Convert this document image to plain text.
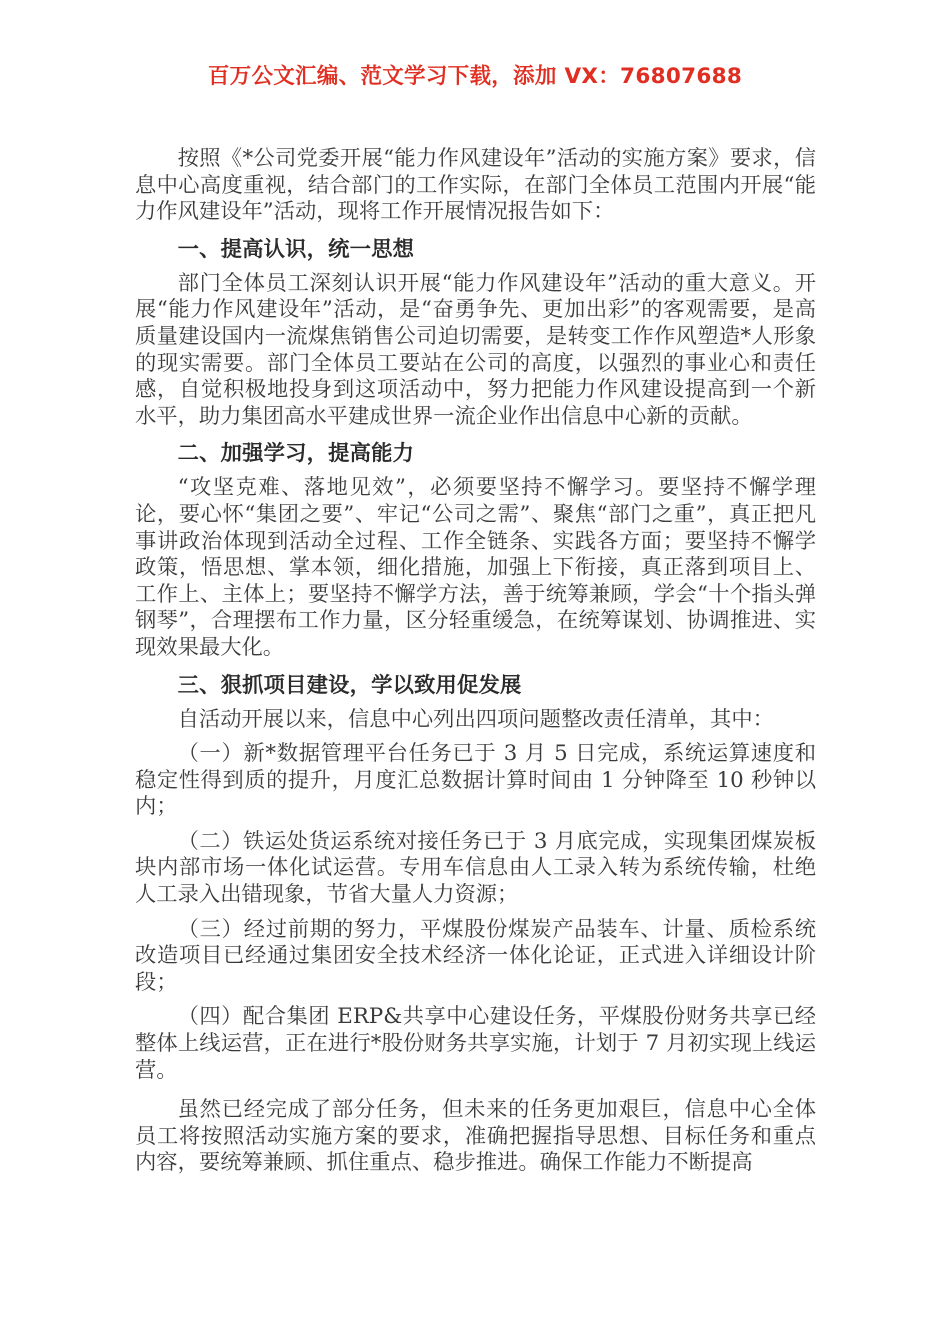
百万公文汇编、范文学习下载，添加 VX：76807688

按照《*公司党委开展“能力作风建设年”活动的实施方案》要求，信息中心高度重视，结合部门的工作实际，在部门全体员工范围内开展“能力作风建设年”活动，现将工作开展情况报告如下：

一、提高认识，统一思想

部门全体员工深刻认识开展“能力作风建设年”活动的重大意义。开展“能力作风建设年”活动，是“奋勇争先、更加出彩”的客观需要，是高质量建设国内一流煤焦销售公司迫切需要，是转变工作作风塑造*人形象的现实需要。部门全体员工要站在公司的高度，以强烈的事业心和责任感，自觉积极地投身到这项活动中，努力把能力作风建设提高到一个新水平，助力集团高水平建成世界一流企业作出信息中心新的贡献。

二、加强学习，提高能力

“攻坚克难、落地见效”，必须要坚持不懈学习。要坚持不懈学理论，要心怀“集团之要”、牢记“公司之需”、聚焦“部门之重”，真正把凡事讲政治体现到活动全过程、工作全链条、实践各方面；要坚持不懈学政策，悟思想、掌本领，细化措施，加强上下衔接，真正落到项目上、工作上、主体上；要坚持不懈学方法，善于统筹兼顾，学会“十个指头弹钢琴”，合理摆布工作力量，区分轻重缓急，在统筹谋划、协调推进、实现效果最大化。

三、狠抓项目建设，学以致用促发展

自活动开展以来，信息中心列出四项问题整改责任清单，其中：

（一）新*数据管理平台任务已于 3 月 5 日完成，系统运算速度和稳定性得到质的提升，月度汇总数据计算时间由 1 分钟降至 10 秒钟以内；

（二）铁运处货运系统对接任务已于 3 月底完成，实现集团煤炭板块内部市场一体化试运营。专用车信息由人工录入转为系统传输，杜绝人工录入出错现象，节省大量人力资源；

（三）经过前期的努力，平煤股份煤炭产品装车、计量、质检系统改造项目已经通过集团安全技术经济一体化论证，正式进入详细设计阶段；

（四）配合集团 ERP&共享中心建设任务，平煤股份财务共享已经整体上线运营，正在进行*股份财务共享实施，计划于 7 月初实现上线运营。

虽然已经完成了部分任务，但未来的任务更加艰巨，信息中心全体员工将按照活动实施方案的要求，准确把握指导思想、目标任务和重点内容，要统筹兼顾、抓住重点、稳步推进。确保工作能力不断提高
